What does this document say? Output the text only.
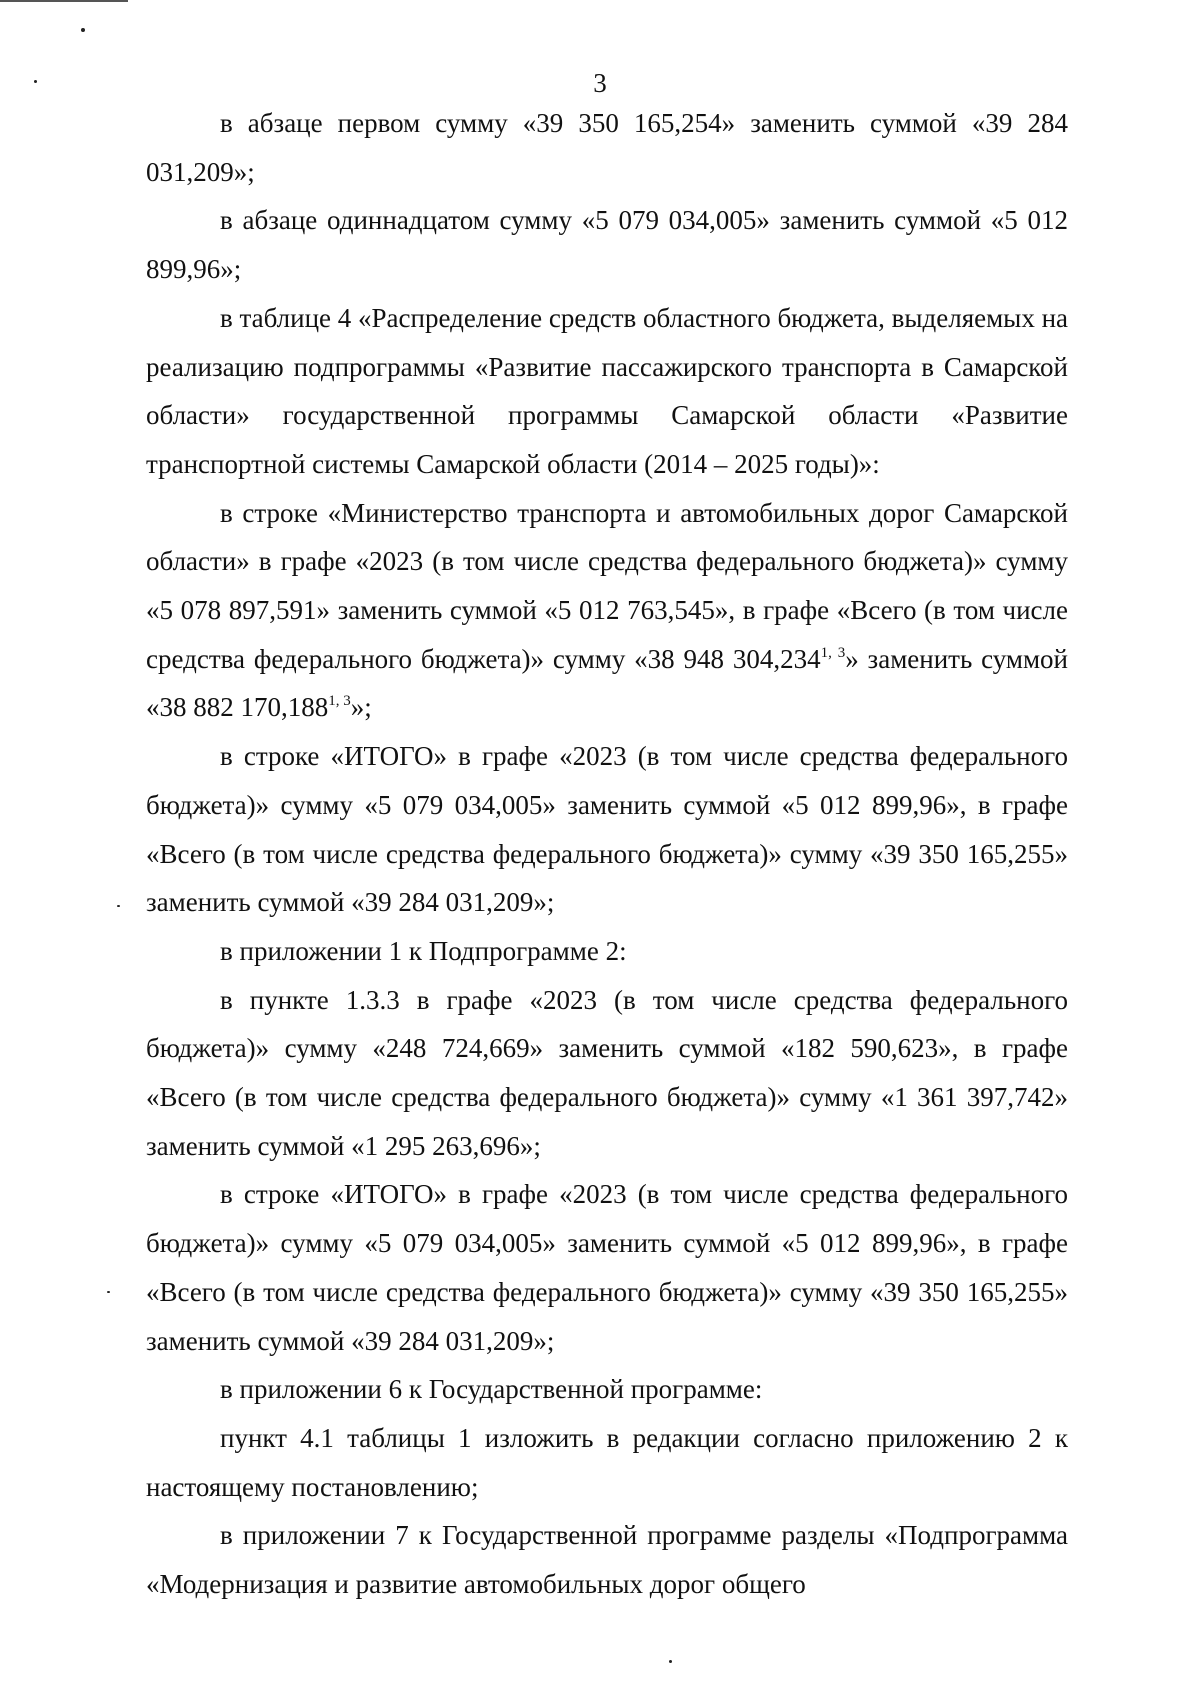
3

в абзаце первом сумму «39 350 165,254» заменить суммой «39 284 031,209»;

в абзаце одиннадцатом сумму «5 079 034,005» заменить суммой «5 012 899,96»;

в таблице 4 «Распределение средств областного бюджета, выделяемых на реализацию подпрограммы «Развитие пассажирского транспорта в Самарской области» государственной программы Самарской области «Развитие транспортной системы Самарской области (2014 – 2025 годы)»:

в строке «Министерство транспорта и автомобильных дорог Самарской области» в графе «2023 (в том числе средства федерального бюджета)» сумму «5 078 897,591» заменить суммой «5 012 763,545», в графе «Всего (в том числе средства федерального бюджета)» сумму «38 948 304,234$^{1, 3}$» заменить суммой «38 882 170,188$^{1, 3}$»;

в строке «ИТОГО» в графе «2023 (в том числе средства федерального бюджета)» сумму «5 079 034,005» заменить суммой «5 012 899,96», в графе «Всего (в том числе средства федерального бюджета)» сумму «39 350 165,255» заменить суммой «39 284 031,209»;

в приложении 1 к Подпрограмме 2:

в пункте 1.3.3 в графе «2023 (в том числе средства федерального бюджета)» сумму «248 724,669» заменить суммой «182 590,623», в графе «Всего (в том числе средства федерального бюджета)» сумму «1 361 397,742» заменить суммой «1 295 263,696»;

в строке «ИТОГО» в графе «2023 (в том числе средства федерального бюджета)» сумму «5 079 034,005» заменить суммой «5 012 899,96», в графе «Всего (в том числе средства федерального бюджета)» сумму «39 350 165,255» заменить суммой «39 284 031,209»;

в приложении 6 к Государственной программе:

пункт 4.1 таблицы 1 изложить в редакции согласно приложению 2 к настоящему постановлению;

в приложении 7 к Государственной программе разделы «Подпрограмма «Модернизация и развитие автомобильных дорог общего
